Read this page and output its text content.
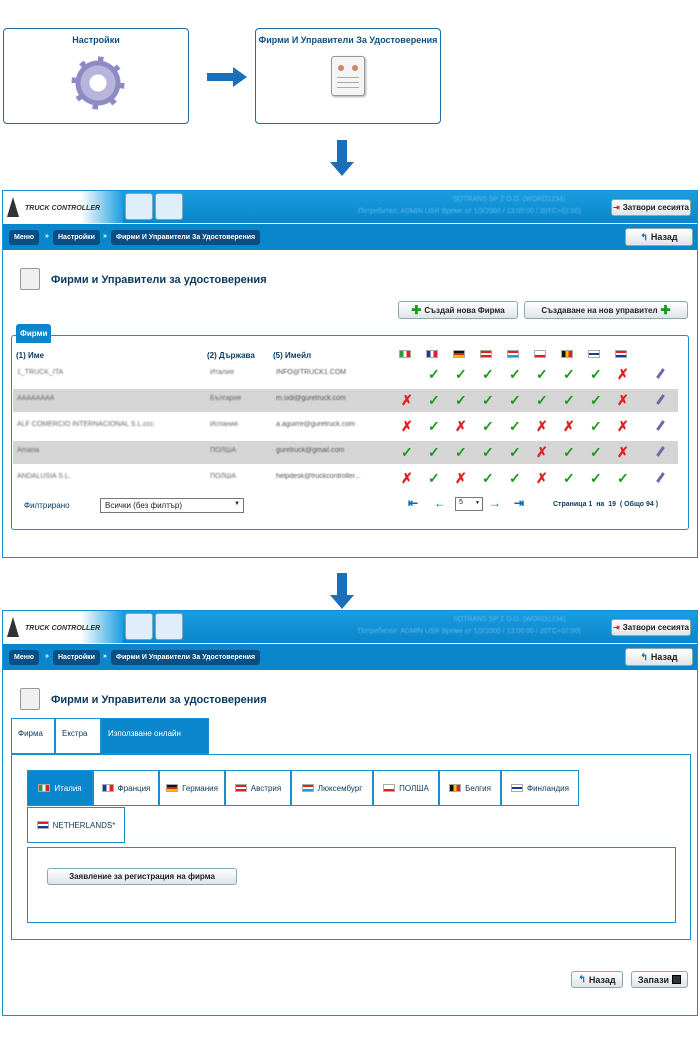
Настройки	Фирми И Управители За Удостоверения
TRUCK CONTROLLER
SOTRANS SP Z O.O. (WORD1234)
Потребител: ADMIN USR Време от 1/3/2000 / 13:00:00 / 20TC+02:00)	⇥ Затвори сесията
Меню	»	Настройки	»	Фирми И Управители За Удостоверения	↰ Назад
Фирми и Управители за удостоверения
✚ Създай нова Фирма	Създаване на нов управител ✚
Фирми
(1) Име	(2) Държава (5) Имейл
1_TRUCK_ITA	Италия	INFO@TRUCK1.COM	✓ ✓ ✓ ✓ ✓ ✓ ✓ ✗
AAAAAAAA	България	m.sidi@guretruck.com	✗ ✓ ✓ ✓ ✓ ✓ ✓ ✓ ✗
ALF COMERCIO INTERNACIONAL S.L.ccc	Испания	a.aguirre@guretruck.com	✗ ✓ ✗ ✓ ✓ ✗ ✗ ✓ ✗
Amaria	ПОЛША	guretruck@gmail.com	✓ ✓ ✓ ✓ ✓ ✗ ✓ ✓ ✗
ANDALUSIA S.L.	ПОЛША	helpdesk@truckcontroller...	✗ ✓ ✗ ✓ ✓ ✗ ✓ ✓ ✓
Филтрирано	Всички (без филтър)	▼	⇤ ←	5 ▼ → ⇥	Страница 1 на 19 ( Общо 94 )
TRUCK CONTROLLER
SOTRANS SP Z O.O. (WORD1234)
Потребител: ADMIN USR Време от 1/3/2000 / 13:00:00 / 20TC+02:00)	⇥ Затвори сесията
Меню	»	Настройки	»	Фирми И Управители За Удостоверения	↰ Назад
Фирми и Управители за удостоверения
Фирма	Екстра	Използване онлайн
Италия	Франция	Германия	Австрия	Люксембург	ПОЛША	Белгия	Финландия
NETHERLANDS*
Заявление за регистрация на фирма
↰ Назад Запази
